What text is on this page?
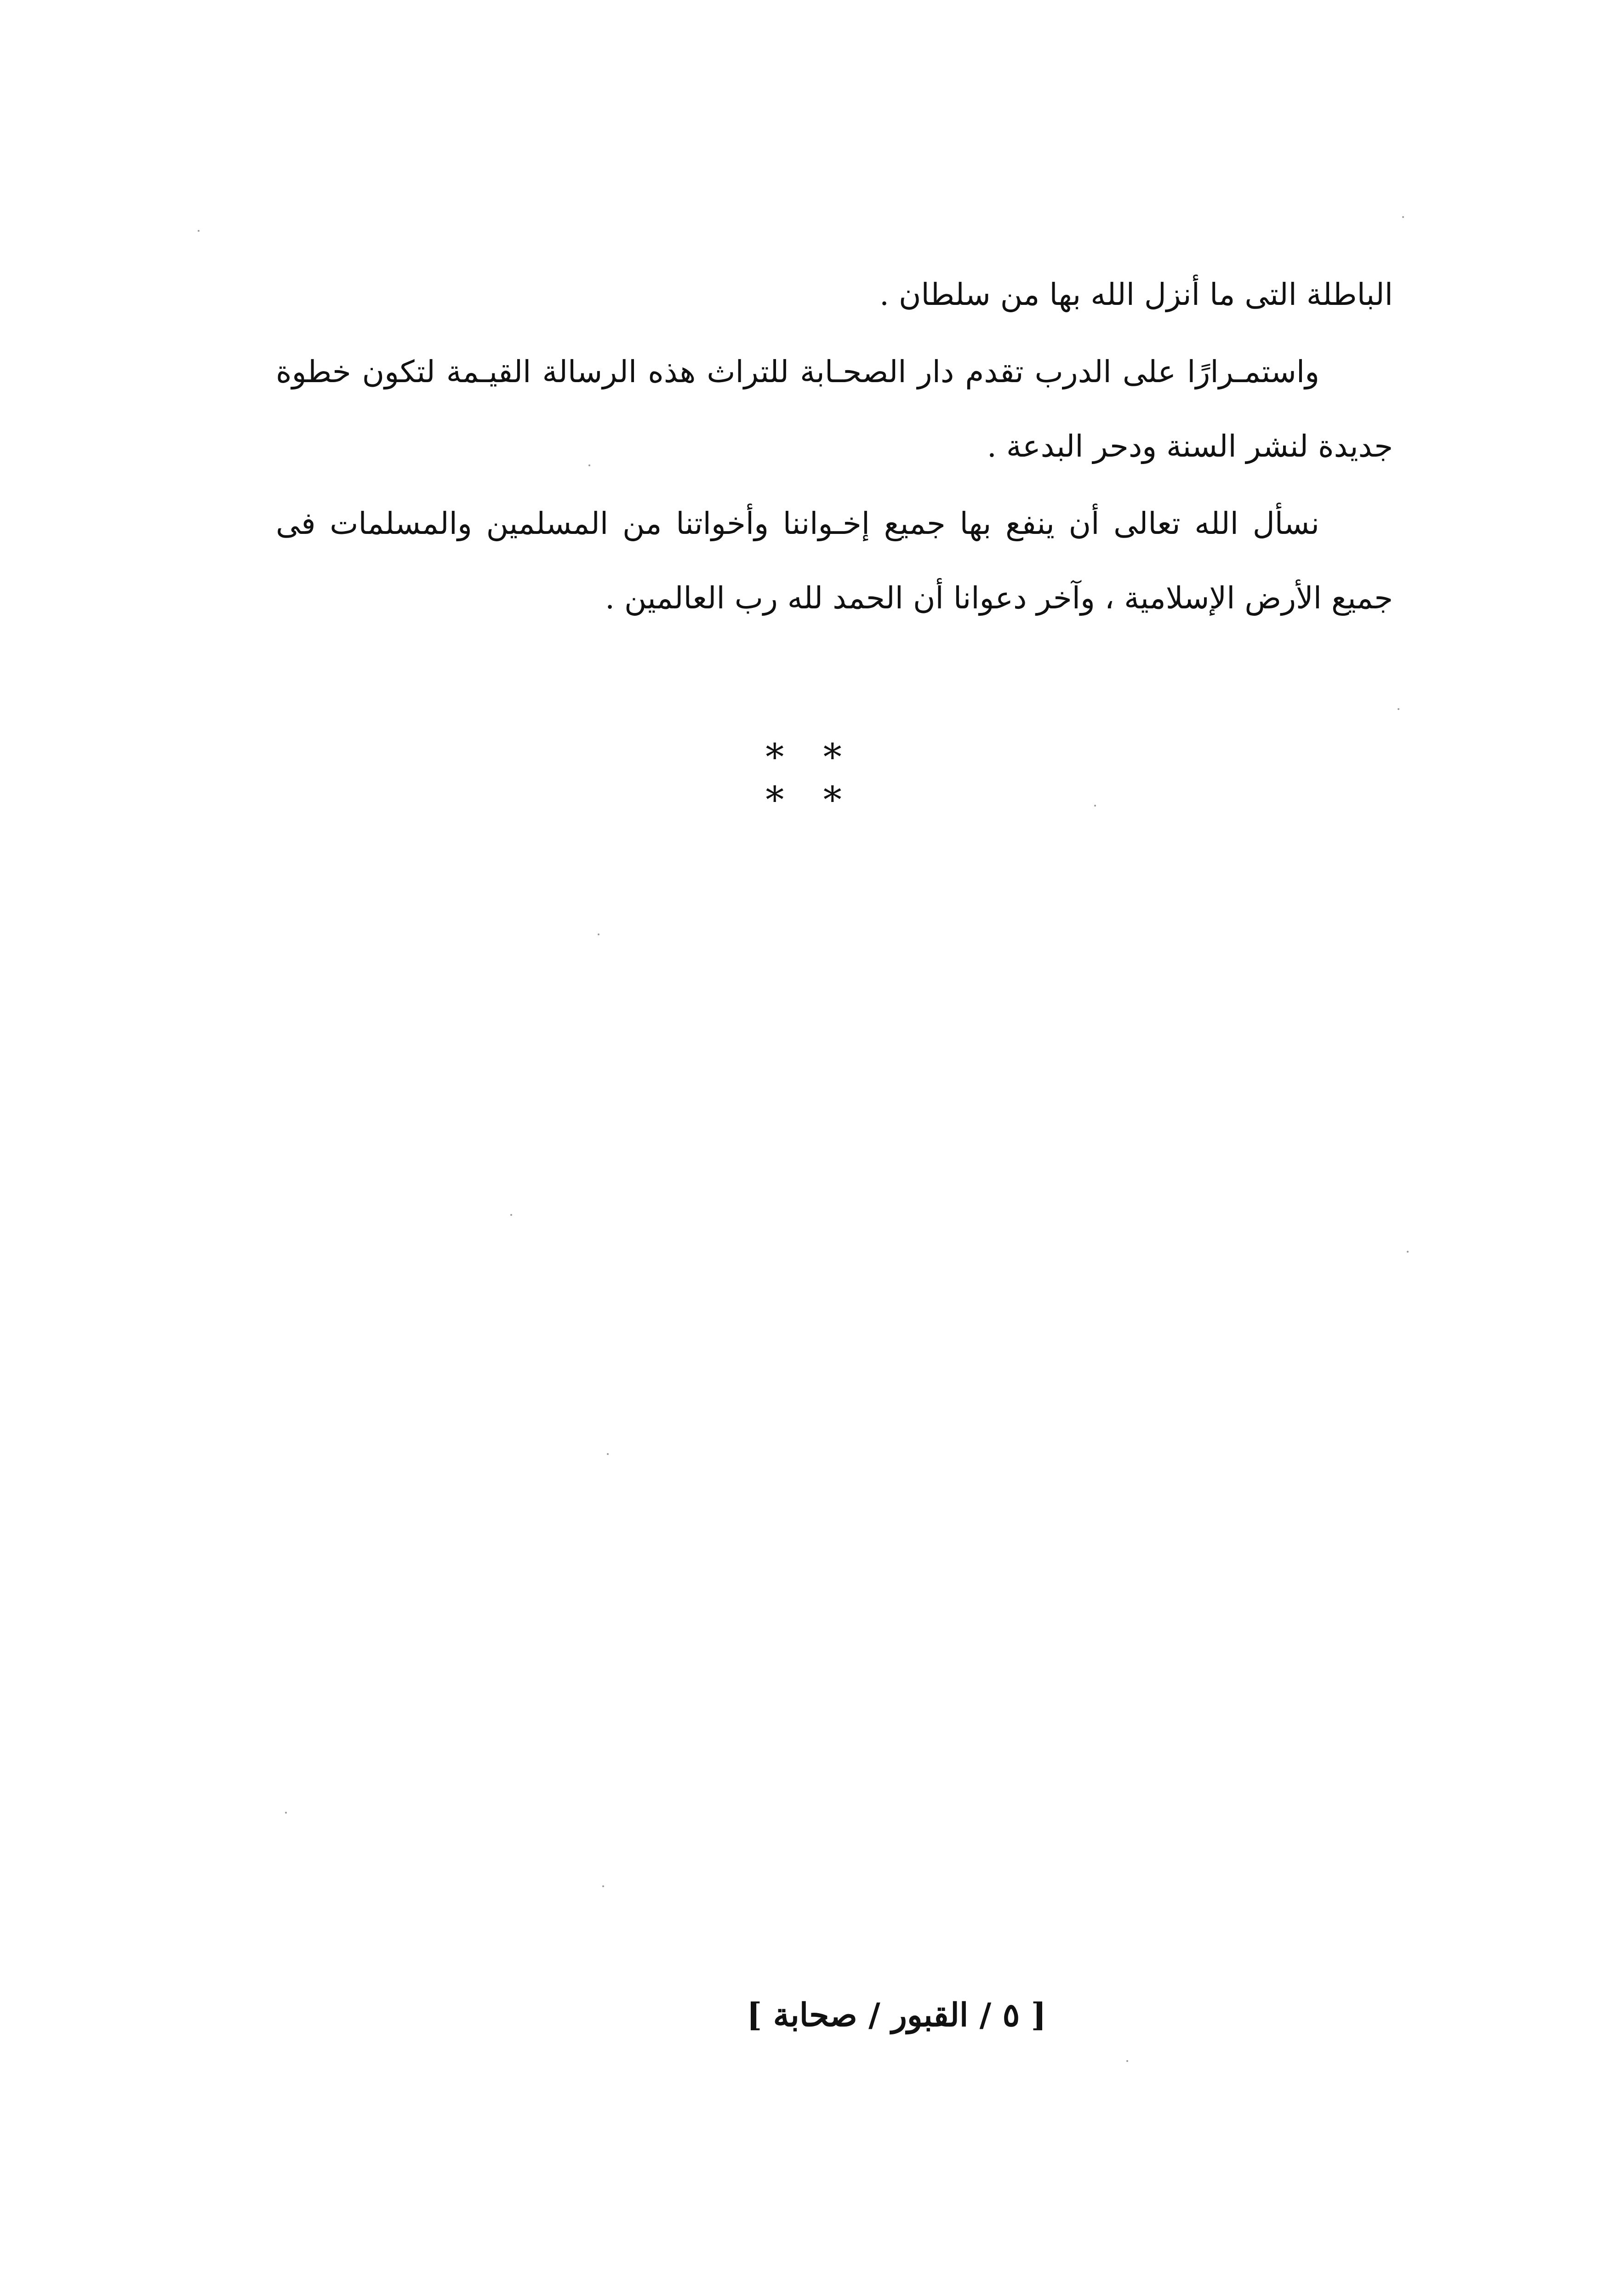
الباطلة التى ما أنزل الله بها من سلطان .

واستمـرارًا على الدرب تقدم دار الصحـابة للتراث هذه الرسالة القيـمة لتكون خطوة جديدة لنشر السنة ودحر البدعة .

نسأل الله تعالى أن ينفع بها جميع إخـواننا وأخواتنا من المسلمين والمسلمات فى جميع الأرض الإسلامية ، وآخر دعوانا أن الحمد لله رب العالمين .

* * * *
[ ٥ / القبور / صحابة ]
